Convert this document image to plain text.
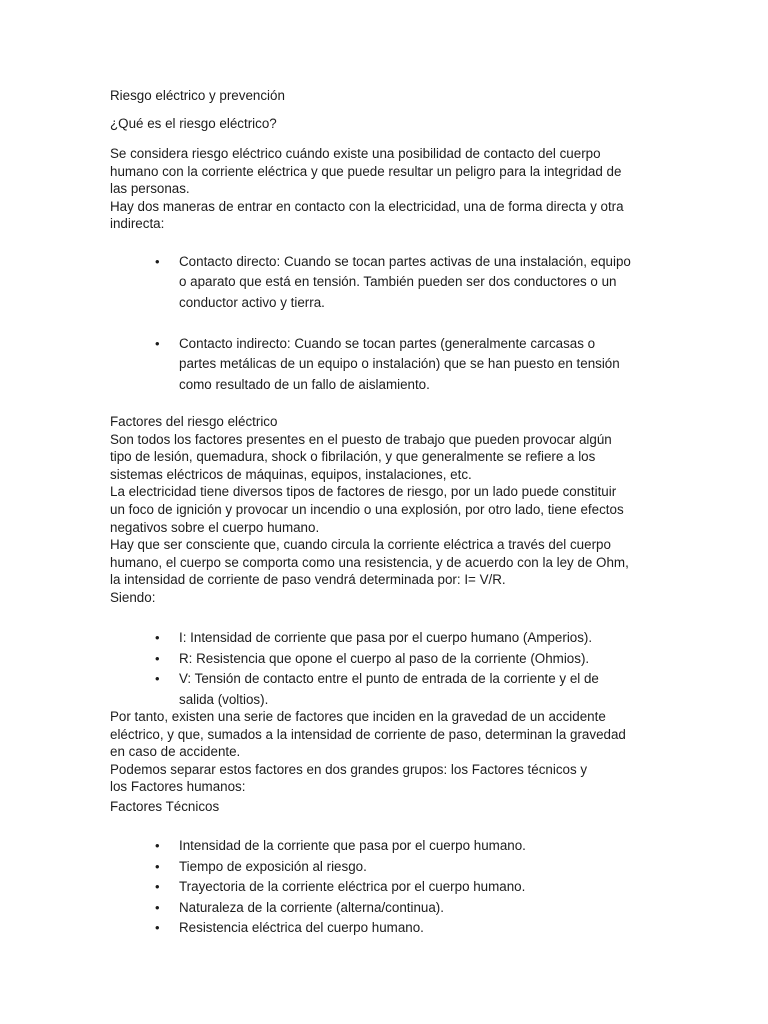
Riesgo eléctrico y prevención
¿Qué es el riesgo eléctrico?
Se considera riesgo eléctrico cuándo existe una posibilidad de contacto del cuerpo
humano con la corriente eléctrica y que puede resultar un peligro para la integridad de
las personas.
Hay dos maneras de entrar en contacto con la electricidad, una de forma directa y otra
indirecta:
• Contacto directo: Cuando se tocan partes activas de una instalación, equipo
o aparato que está en tensión. También pueden ser dos conductores o un
conductor activo y tierra.
• Contacto indirecto: Cuando se tocan partes (generalmente carcasas o
partes metálicas de un equipo o instalación) que se han puesto en tensión
como resultado de un fallo de aislamiento.
Factores del riesgo eléctrico
Son todos los factores presentes en el puesto de trabajo que pueden provocar algún
tipo de lesión, quemadura, shock o fibrilación, y que generalmente se refiere a los
sistemas eléctricos de máquinas, equipos, instalaciones, etc.
La electricidad tiene diversos tipos de factores de riesgo, por un lado puede constituir
un foco de ignición y provocar un incendio o una explosión, por otro lado, tiene efectos
negativos sobre el cuerpo humano.
Hay que ser consciente que, cuando circula la corriente eléctrica a través del cuerpo
humano, el cuerpo se comporta como una resistencia, y de acuerdo con la ley de Ohm,
la intensidad de corriente de paso vendrá determinada por: I= V/R.
Siendo:
• I: Intensidad de corriente que pasa por el cuerpo humano (Amperios).
• R: Resistencia que opone el cuerpo al paso de la corriente (Ohmios).
• V: Tensión de contacto entre el punto de entrada de la corriente y el de
salida (voltios).
Por tanto, existen una serie de factores que inciden en la gravedad de un accidente
eléctrico, y que, sumados a la intensidad de corriente de paso, determinan la gravedad
en caso de accidente.
Podemos separar estos factores en dos grandes grupos: los Factores técnicos y
los Factores humanos:
Factores Técnicos
• Intensidad de la corriente que pasa por el cuerpo humano.
• Tiempo de exposición al riesgo.
• Trayectoria de la corriente eléctrica por el cuerpo humano.
• Naturaleza de la corriente (alterna/continua).
• Resistencia eléctrica del cuerpo humano.
